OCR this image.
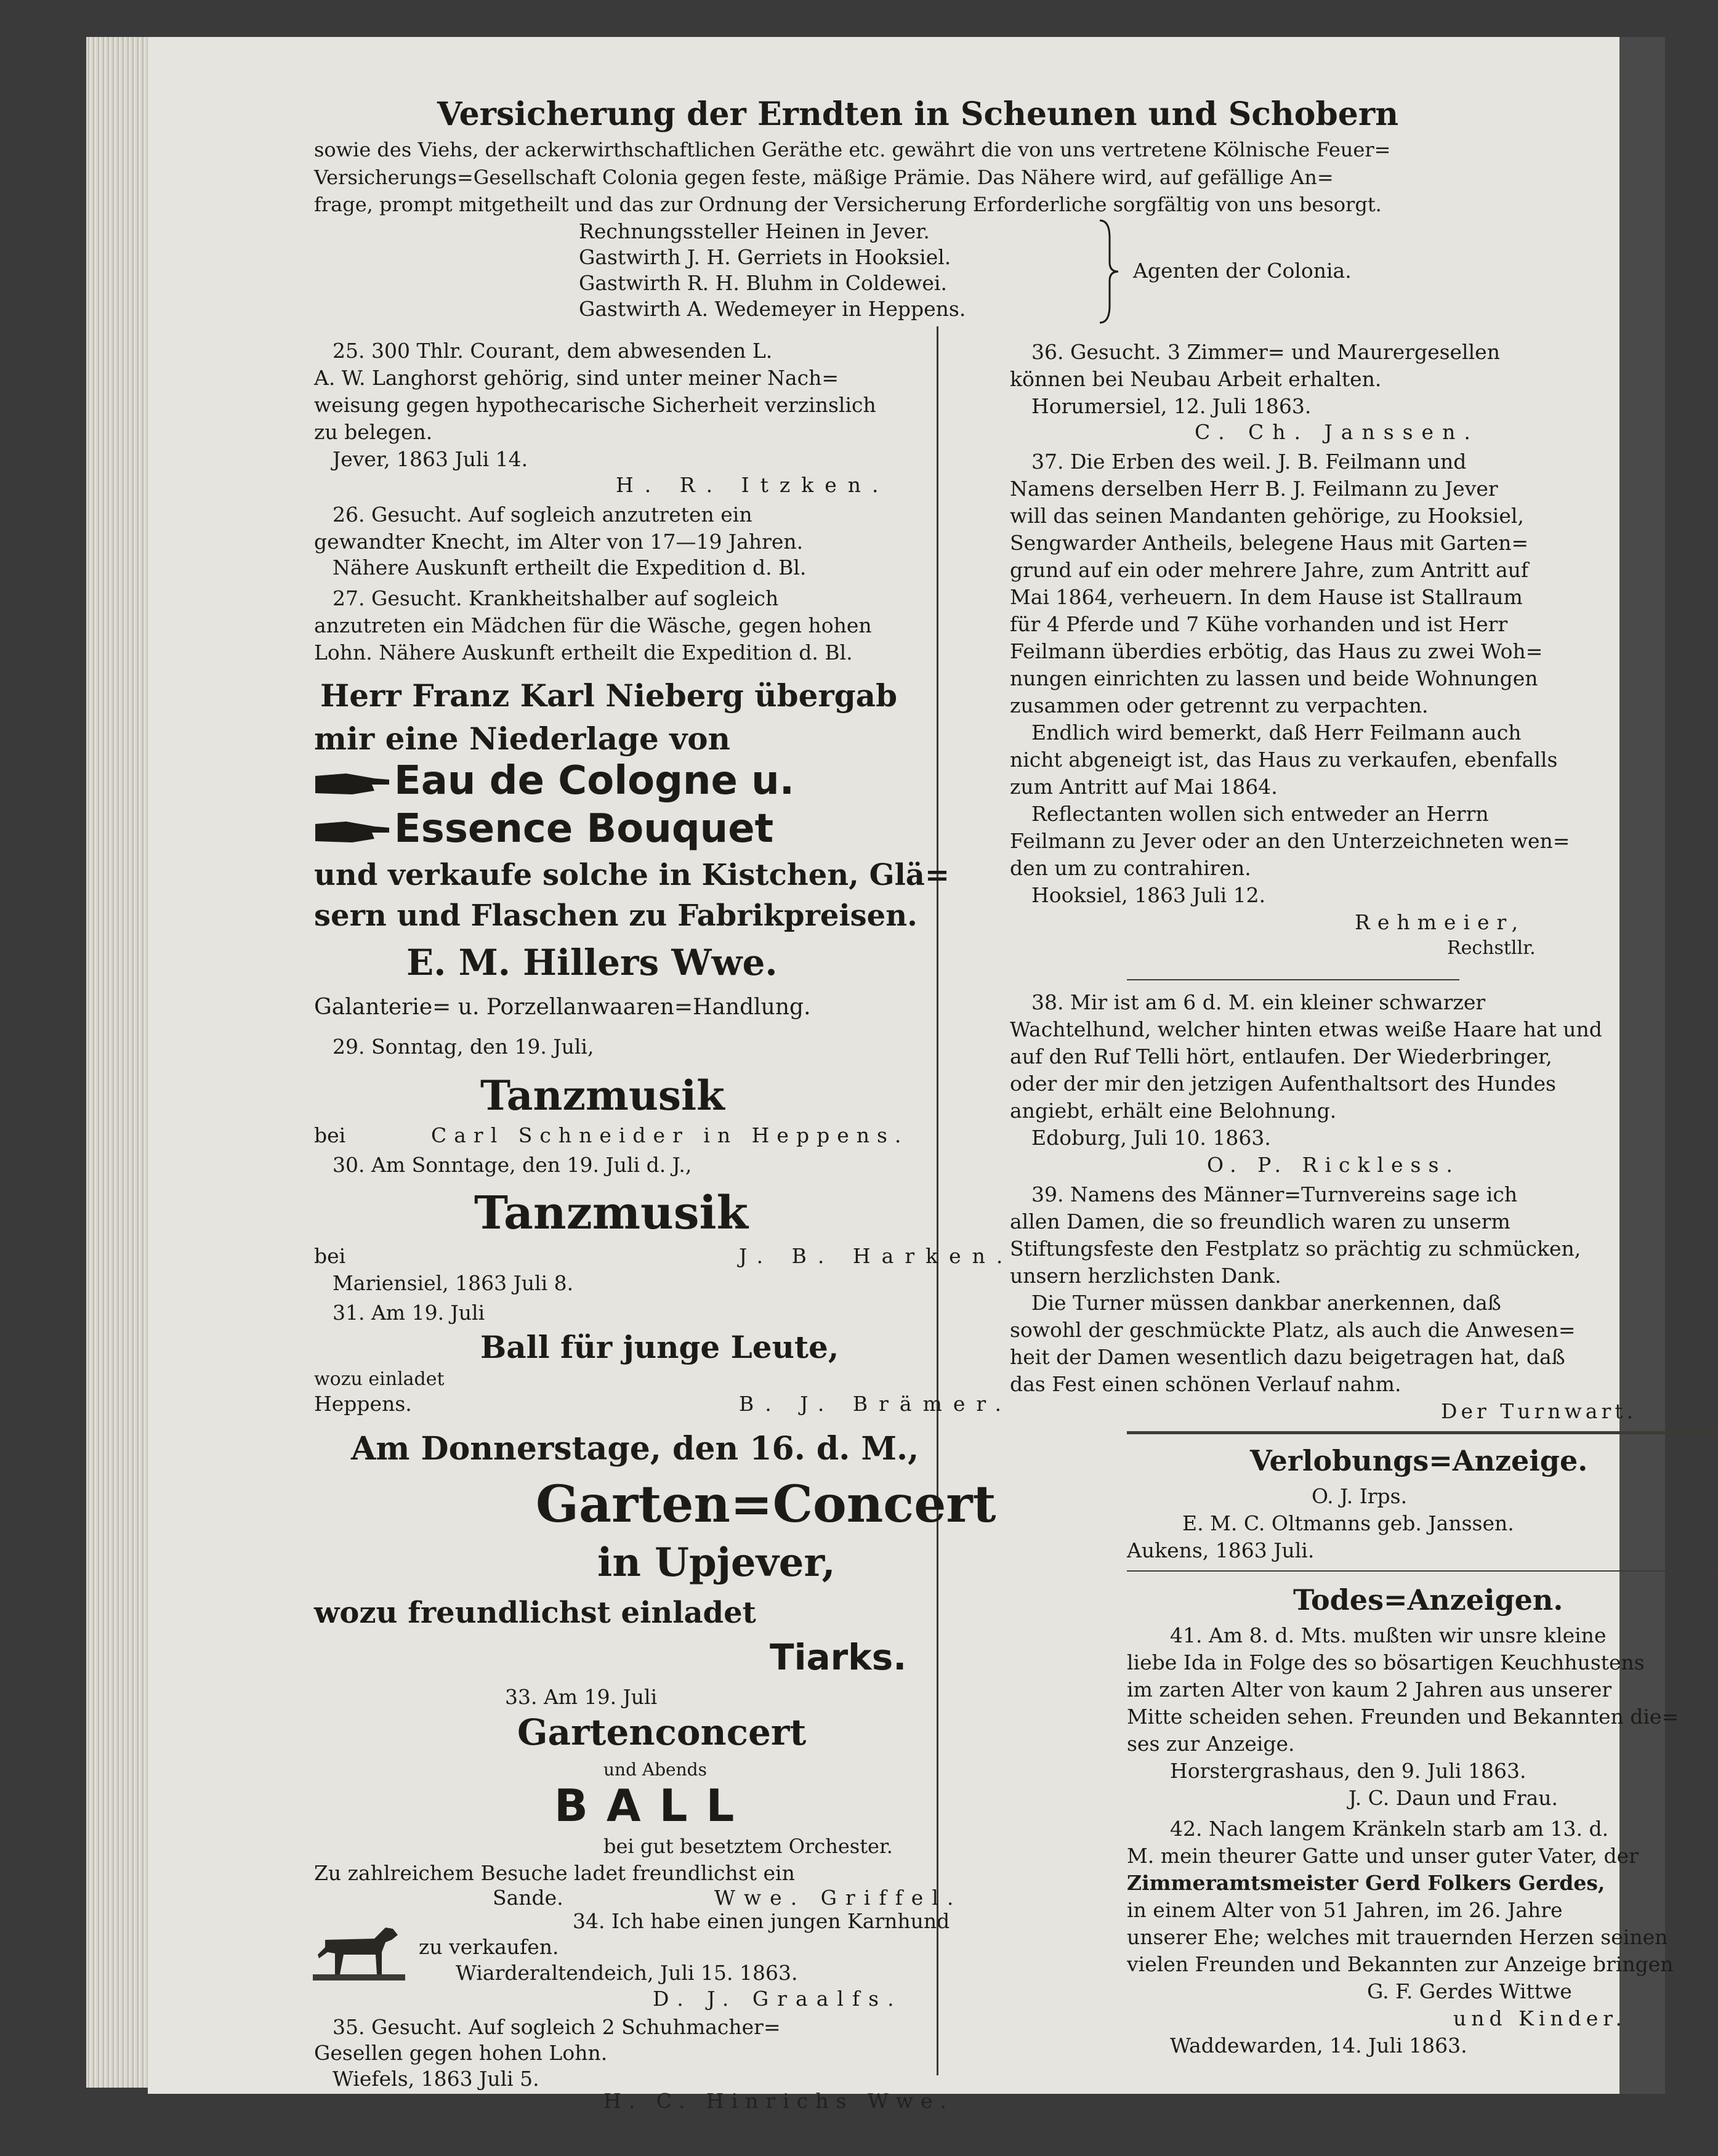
Versicherung der Erndten in Scheunen und Schobern
sowie des Viehs, der ackerwirthschaftlichen Geräthe etc. gewährt die von uns vertretene Kölnische Feuer=
Versicherungs=Gesellschaft Colonia gegen feste, mäßige Prämie. Das Nähere wird, auf gefällige An=
frage, prompt mitgetheilt und das zur Ordnung der Versicherung Erforderliche sorgfältig von uns besorgt.
Rechnungssteller Heinen in Jever.
Gastwirth J. H. Gerriets in Hooksiel.
Gastwirth R. H. Bluhm in Coldewei.
Gastwirth A. Wedemeyer in Heppens.
Agenten der Colonia.
25. 300 Thlr. Courant, dem abwesenden L.
A. W. Langhorst gehörig, sind unter meiner Nach=
weisung gegen hypothecarische Sicherheit verzinslich
zu belegen.
Jever, 1863 Juli 14.
H. R. Itzken.
26. Gesucht. Auf sogleich anzutreten ein
gewandter Knecht, im Alter von 17—19 Jahren.
Nähere Auskunft ertheilt die Expedition d. Bl.
27. Gesucht. Krankheitshalber auf sogleich
anzutreten ein Mädchen für die Wäsche, gegen hohen
Lohn. Nähere Auskunft ertheilt die Expedition d. Bl.
Herr Franz Karl Nieberg übergab
mir eine Niederlage von
Eau de Cologne u.
Essence Bouquet
und verkaufe solche in Kistchen, Glä=
sern und Flaschen zu Fabrikpreisen.
E. M. Hillers Wwe.
Galanterie= u. Porzellanwaaren=Handlung.
29. Sonntag, den 19. Juli,
Tanzmusik
bei	Carl Schneider in Heppens.
30. Am Sonntage, den 19. Juli d. J.,
Tanzmusik
bei	J. B. Harken.
Mariensiel, 1863 Juli 8.
31. Am 19. Juli
Ball für junge Leute,
wozu einladet
Heppens.	B. J. Brämer.
Am Donnerstage, den 16. d. M.,
Garten=Concert
in Upjever,
wozu freundlichst einladet
Tiarks.
33. Am 19. Juli
Gartenconcert
und Abends
BALL
bei gut besetztem Orchester.
Zu zahlreichem Besuche ladet freundlichst ein
Sande.	Wwe. Griffel.
34. Ich habe einen jungen Karnhund
zu verkaufen.
Wiarderaltendeich, Juli 15. 1863.
D. J. Graalfs.
35. Gesucht. Auf sogleich 2 Schuhmacher=
Gesellen gegen hohen Lohn.
Wiefels, 1863 Juli 5.
H. C. Hinrichs Wwe.
36. Gesucht. 3 Zimmer= und Maurergesellen
können bei Neubau Arbeit erhalten.
Horumersiel, 12. Juli 1863.
C. Ch. Janssen.
37. Die Erben des weil. J. B. Feilmann und
Namens derselben Herr B. J. Feilmann zu Jever
will das seinen Mandanten gehörige, zu Hooksiel,
Sengwarder Antheils, belegene Haus mit Garten=
grund auf ein oder mehrere Jahre, zum Antritt auf
Mai 1864, verheuern. In dem Hause ist Stallraum
für 4 Pferde und 7 Kühe vorhanden und ist Herr
Feilmann überdies erbötig, das Haus zu zwei Woh=
nungen einrichten zu lassen und beide Wohnungen
zusammen oder getrennt zu verpachten.
Endlich wird bemerkt, daß Herr Feilmann auch
nicht abgeneigt ist, das Haus zu verkaufen, ebenfalls
zum Antritt auf Mai 1864.
Reflectanten wollen sich entweder an Herrn
Feilmann zu Jever oder an den Unterzeichneten wen=
den um zu contrahiren.
Hooksiel, 1863 Juli 12.
Rehmeier,
Rechstllr.
38. Mir ist am 6 d. M. ein kleiner schwarzer
Wachtelhund, welcher hinten etwas weiße Haare hat und
auf den Ruf Telli hört, entlaufen. Der Wiederbringer,
oder der mir den jetzigen Aufenthaltsort des Hundes
angiebt, erhält eine Belohnung.
Edoburg, Juli 10. 1863.
O. P. Rickless.
39. Namens des Männer=Turnvereins sage ich
allen Damen, die so freundlich waren zu unserm
Stiftungsfeste den Festplatz so prächtig zu schmücken,
unsern herzlichsten Dank.
Die Turner müssen dankbar anerkennen, daß
sowohl der geschmückte Platz, als auch die Anwesen=
heit der Damen wesentlich dazu beigetragen hat, daß
das Fest einen schönen Verlauf nahm.
Der Turnwart.
Verlobungs=Anzeige.
O. J. Irps.
E. M. C. Oltmanns geb. Janssen.
Aukens, 1863 Juli.
Todes=Anzeigen.
41. Am 8. d. Mts. mußten wir unsre kleine
liebe Ida in Folge des so bösartigen Keuchhustens
im zarten Alter von kaum 2 Jahren aus unserer
Mitte scheiden sehen. Freunden und Bekannten die=
ses zur Anzeige.
Horstergrashaus, den 9. Juli 1863.
J. C. Daun und Frau.
42. Nach langem Kränkeln starb am 13. d.
M. mein theurer Gatte und unser guter Vater, der
Zimmeramtsmeister Gerd Folkers Gerdes,
in einem Alter von 51 Jahren, im 26. Jahre
unserer Ehe; welches mit trauernden Herzen seinen
vielen Freunden und Bekannten zur Anzeige bringen
G. F. Gerdes Wittwe
und Kinder.
Waddewarden, 14. Juli 1863.
